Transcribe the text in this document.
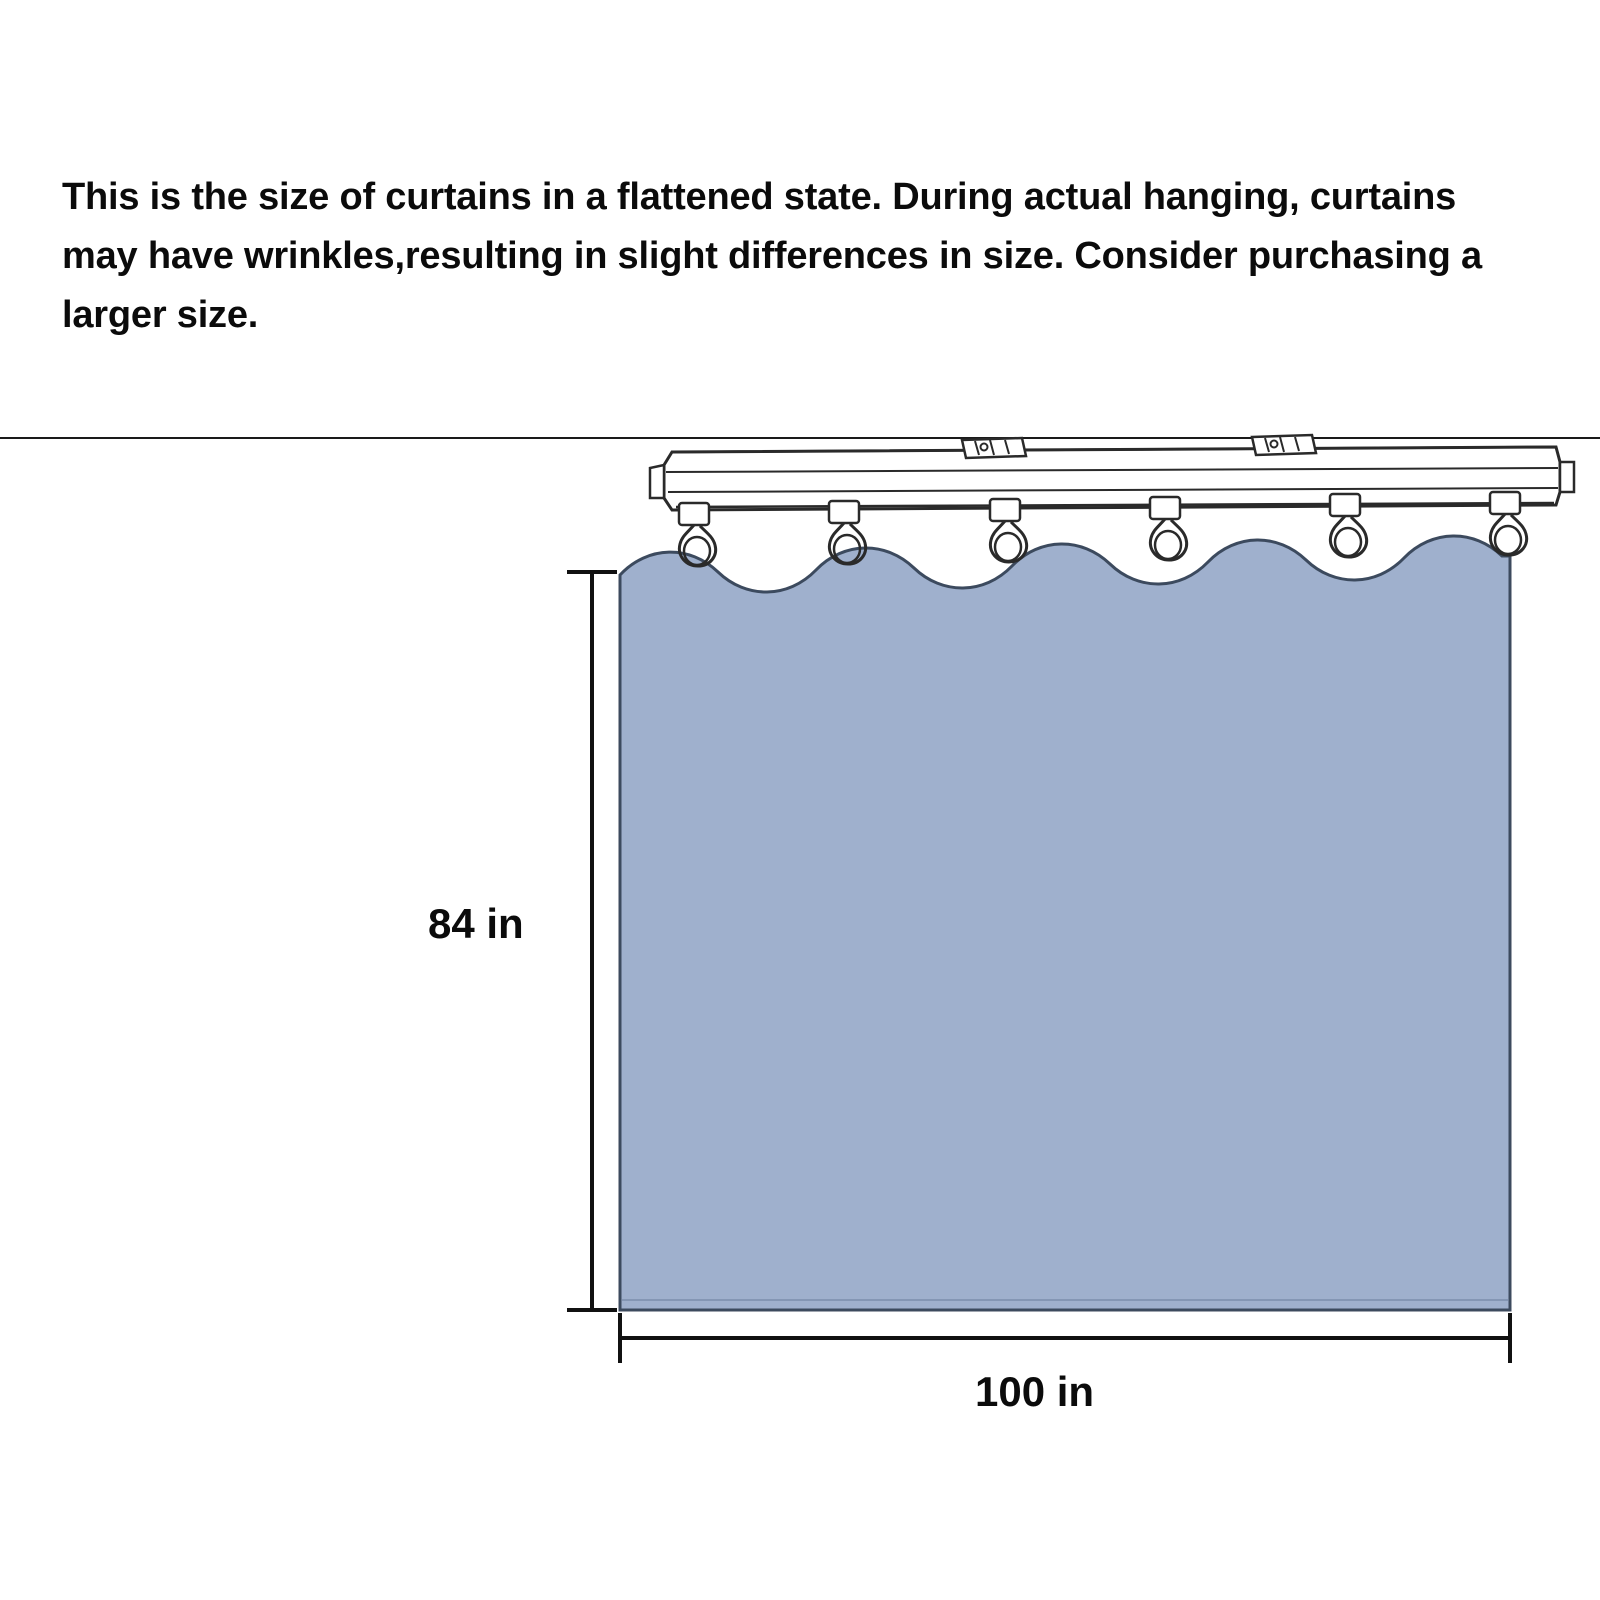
This is the size of curtains in a flattened state. During actual hanging, curtains may have wrinkles,resulting in slight differences in size. Consider purchasing a larger size.
84 in
100 in
